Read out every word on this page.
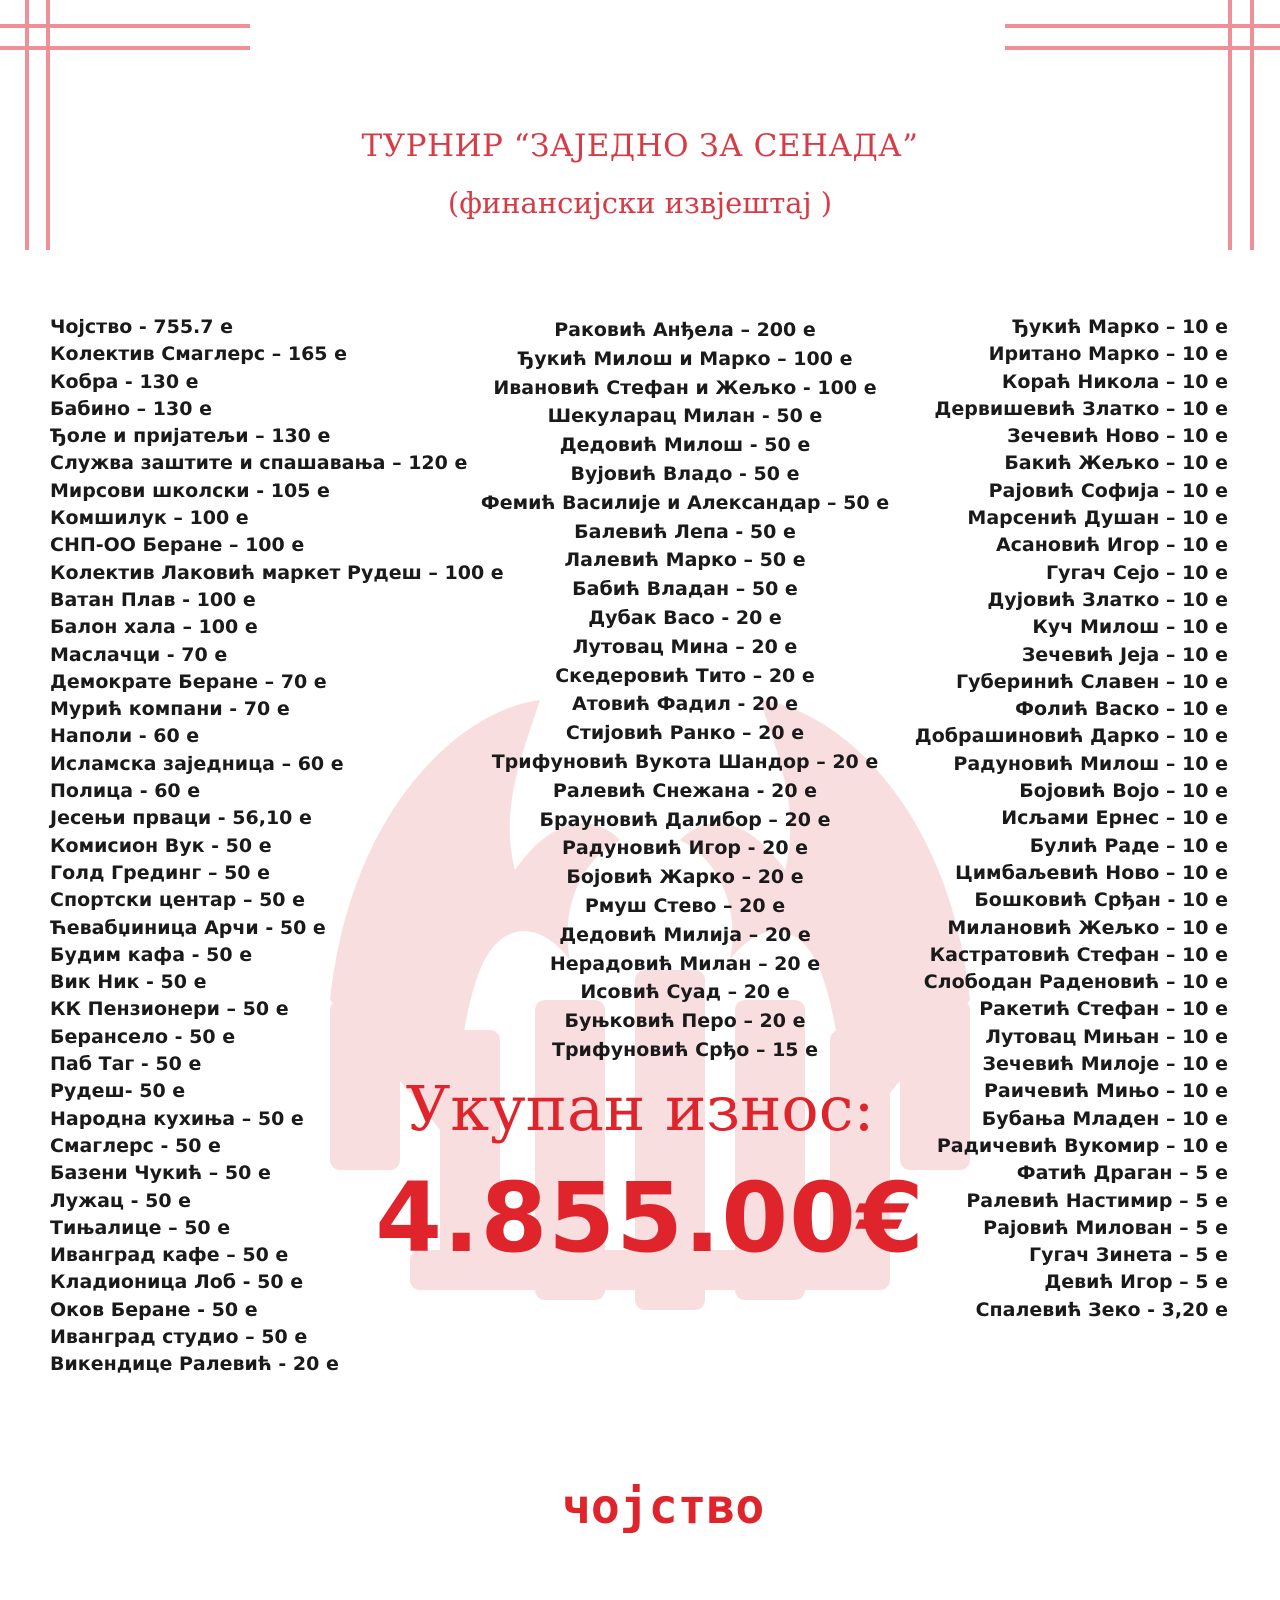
ТУРНИР “ЗАЈЕДНО ЗА СЕНАДА”
(финансијски извјештај )
Чојство - 755.7 е
Колектив Смаглерс – 165 е
Кобра - 130 е
Бабино – 130 е
Ђоле и пријатељи – 130 е
Служва заштите и спашавања – 120 е
Мирсови школски - 105 е
Комшилук – 100 е
СНП-ОО Беране – 100 е
Колектив Лаковић маркет Рудеш – 100 е
Ватан Плав - 100 е
Балон хала – 100 е
Маслачци - 70 е
Демократе Беране – 70 е
Мурић компани - 70 е
Наполи - 60 е
Исламска заједница – 60 е
Полица - 60 е
Јесењи прваци - 56,10 е
Комисион Вук - 50 е
Голд Грединг – 50 е
Спортски центар – 50 е
Ћевабџиница Арчи - 50 е
Будим кафа - 50 е
Вик Ник - 50 е
КК Пензионери – 50 е
Берансело - 50 е
Паб Таг - 50 е
Рудеш- 50 е
Народна кухиња – 50 е
Смаглерс - 50 е
Базени Чукић – 50 е
Лужац - 50 е
Тињалице – 50 е
Иванград кафе – 50 е
Кладионица Лоб - 50 е
Оков Беране - 50 е
Иванград студио – 50 е
Викендице Ралевић - 20 е
Раковић Анђела – 200 е
Ђукић Милош и Марко – 100 е
Ивановић Стефан и Жељко - 100 е
Шекуларац Милан - 50 е
Дедовић Милош - 50 е
Вујовић Владо - 50 е
Фемић Василије и Александар – 50 е
Балевић Лепа - 50 е
Лалевић Марко – 50 е
Бабић Владан – 50 е
Дубак Васо - 20 е
Лутовац Мина – 20 е
Скедеровић Тито – 20 е
Атовић Фадил - 20 е
Стијовић Ранко – 20 е
Трифуновић Вукота Шандор – 20 е
Ралевић Снежана - 20 е
Брауновић Далибор – 20 е
Радуновић Игор - 20 е
Бојовић Жарко – 20 е
Рмуш Стево – 20 е
Дедовић Милија – 20 е
Нерадовић Милан – 20 е
Исовић Суад – 20 е
Буњковић Перо – 20 е
Трифуновић Срђо – 15 е
Ђукић Марко – 10 е
Иритано Марко – 10 е
Кораћ Никола – 10 е
Дервишевић Златко – 10 е
Зечевић Ново – 10 е
Бакић Жељко – 10 е
Рајовић Софија – 10 е
Марсенић Душан – 10 е
Асановић Игор – 10 е
Гугач Сејо – 10 е
Дујовић Златко – 10 е
Куч Милош – 10 е
Зечевић Јеја – 10 е
Губеринић Славен – 10 е
Фолић Васко – 10 е
Добрашиновић Дарко – 10 е
Радуновић Милош – 10 е
Бојовић Војо – 10 е
Исљами Ернес – 10 е
Булић Раде – 10 е
Цимбаљевић Ново – 10 е
Бошковић Срђан - 10 е
Милановић Жељко – 10 е
Кастратовић Стефан – 10 е
Слободан Раденовић – 10 е
Ракетић Стефан – 10 е
Лутовац Мињан – 10 е
Зечевић Милоје – 10 е
Раичевић Мињо – 10 е
Бубања Младен – 10 е
Радичевић Вукомир – 10 е
Фатић Драган – 5 е
Ралевић Настимир – 5 е
Рајовић Милован – 5 е
Гугач Зинета – 5 е
Девић Игор – 5 е
Спалевић Зеко - 3,20 е
Укупан износ:
4.855.00€
чојство
